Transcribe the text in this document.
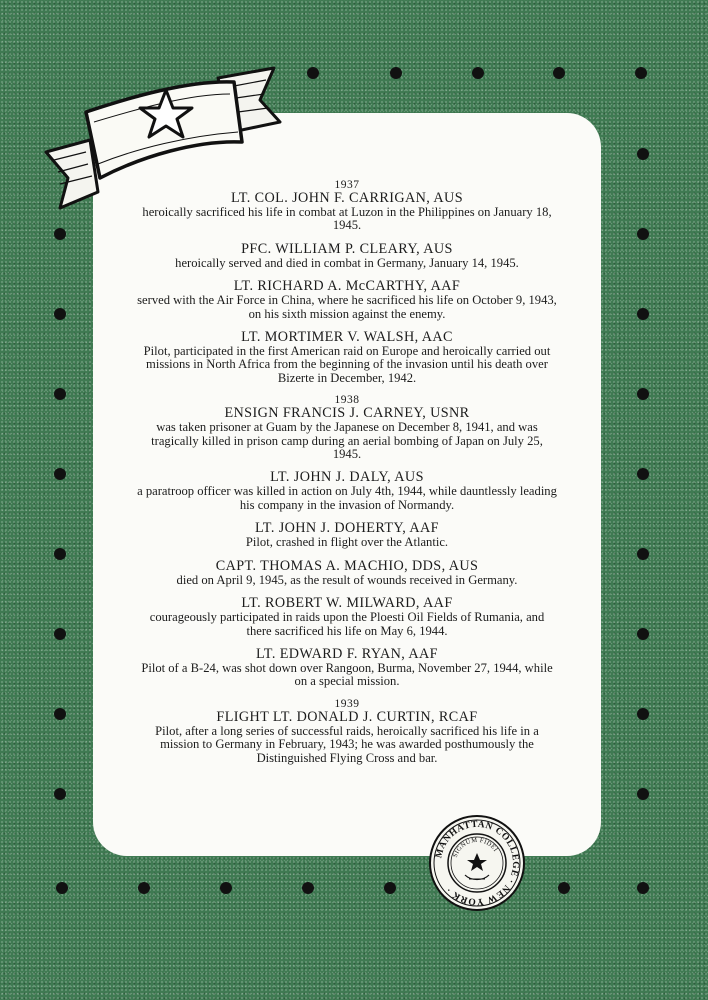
1937
LT. COL. JOHN F. CARRIGAN, AUS
heroically sacrificed his life in combat at Luzon in the Philippines on January 18, 1945.
PFC. WILLIAM P. CLEARY, AUS
heroically served and died in combat in Germany, January 14, 1945.
LT. RICHARD A. McCARTHY, AAF
served with the Air Force in China, where he sacrificed his life on October 9, 1943, on his sixth mission against the enemy.
LT. MORTIMER V. WALSH, AAC
Pilot, participated in the first American raid on Europe and heroically carried out missions in North Africa from the beginning of the invasion until his death over Bizerte in December, 1942.
1938
ENSIGN FRANCIS J. CARNEY, USNR
was taken prisoner at Guam by the Japanese on December 8, 1941, and was tragically killed in prison camp during an aerial bombing of Japan on July 25, 1945.
LT. JOHN J. DALY, AUS
a paratroop officer was killed in action on July 4th, 1944, while dauntlessly leading his company in the invasion of Normandy.
LT. JOHN J. DOHERTY, AAF
Pilot, crashed in flight over the Atlantic.
CAPT. THOMAS A. MACHIO, DDS, AUS
died on April 9, 1945, as the result of wounds received in Germany.
LT. ROBERT W. MILWARD, AAF
courageously participated in raids upon the Ploesti Oil Fields of Rumania, and there sacrificed his life on May 6, 1944.
LT. EDWARD F. RYAN, AAF
Pilot of a B-24, was shot down over Rangoon, Burma, November 27, 1944, while on a special mission.
1939
FLIGHT LT. DONALD J. CURTIN, RCAF
Pilot, after a long series of successful raids, heroically sacrificed his life in a mission to Germany in February, 1943; he was awarded posthumously the Distinguished Flying Cross and bar.
MANHATTAN COLLEGE · NEW YORK ·
SIGNUM FIDEI
